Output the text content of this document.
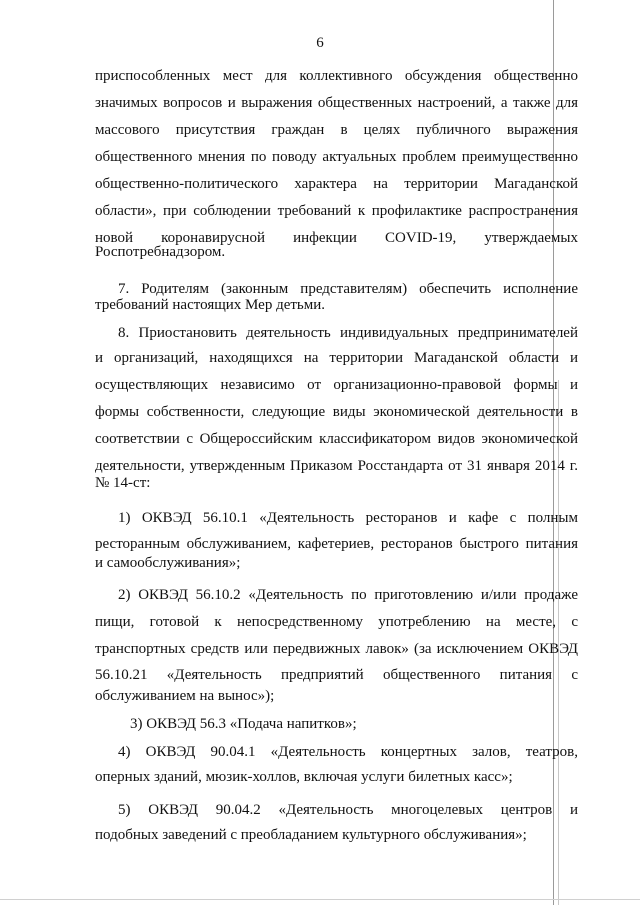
6
приспособленных мест для коллективного обсуждения общественно
значимых вопросов и выражения общественных настроений, а также для
массового присутствия граждан в целях публичного выражения
общественного мнения по поводу актуальных проблем преимущественно
общественно-политического характера на территории Магаданской
области», при соблюдении требований к профилактике распространения
новой коронавирусной инфекции COVID-19, утверждаемых
Роспотребнадзором.
7. Родителям (законным представителям) обеспечить исполнение
требований настоящих Мер детьми.
8. Приостановить деятельность индивидуальных предпринимателей
и организаций, находящихся на территории Магаданской области и
осуществляющих независимо от организационно-правовой формы и
формы собственности, следующие виды экономической деятельности в
соответствии с Общероссийским классификатором видов экономической
деятельности, утвержденным Приказом Росстандарта от 31 января 2014 г.
№ 14-ст:
1) ОКВЭД 56.10.1 «Деятельность ресторанов и кафе с полным
ресторанным обслуживанием, кафетериев, ресторанов быстрого питания
и самообслуживания»;
2) ОКВЭД 56.10.2 «Деятельность по приготовлению и/или продаже
пищи, готовой к непосредственному употреблению на месте, с
транспортных средств или передвижных лавок» (за исключением ОКВЭД
56.10.21 «Деятельность предприятий общественного питания с
обслуживанием на вынос»);
3) ОКВЭД 56.3 «Подача напитков»;
4) ОКВЭД 90.04.1 «Деятельность концертных залов, театров,
оперных зданий, мюзик-холлов, включая услуги билетных касс»;
5) ОКВЭД 90.04.2 «Деятельность многоцелевых центров и
подобных заведений с преобладанием культурного обслуживания»;
